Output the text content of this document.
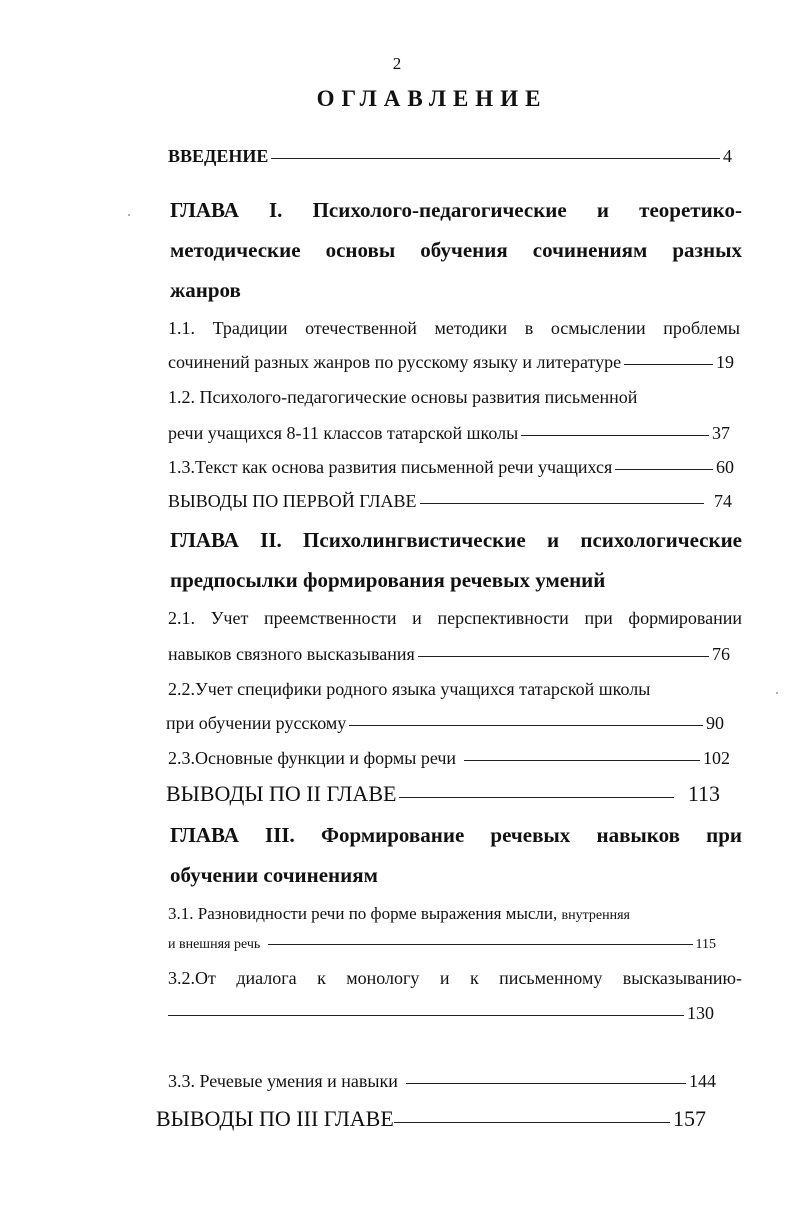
2
ОГЛАВЛЕНИЕ
ВВЕДЕНИЕ	4
ГЛАВА I. Психолого-педагогические и теоретико-
методические основы обучения сочинениям разных
жанров
1.1. Традиции отечественной методики в осмыслении проблемы
сочинений разных жанров по русскому языку и литературе	19
1.2. Психолого-педагогические основы развития письменной
речи учащихся 8-11 классов татарской школы	37
1.3.Текст как основа развития письменной речи учащихся	60
ВЫВОДЫ ПО ПЕРВОЙ ГЛАВЕ	74
ГЛАВА II. Психолингвистические и психологические
предпосылки формирования речевых умений
2.1. Учет преемственности и перспективности при формировании
навыков связного высказывания	76
2.2.Учет специфики родного языка учащихся татарской школы
при обучении русскому	90
2.3.Основные функции и формы речи	102
ВЫВОДЫ ПО II ГЛАВЕ	113
ГЛАВА III. Формирование речевых навыков при
обучении сочинениям
3.1. Разновидности речи по форме выражения мысли, внутренняя
и внешняя речь	115
3.2.От диалога к монологу и к письменному высказыванию-
130
3.3. Речевые умения и навыки	144
ВЫВОДЫ ПО III ГЛАВЕ	157
